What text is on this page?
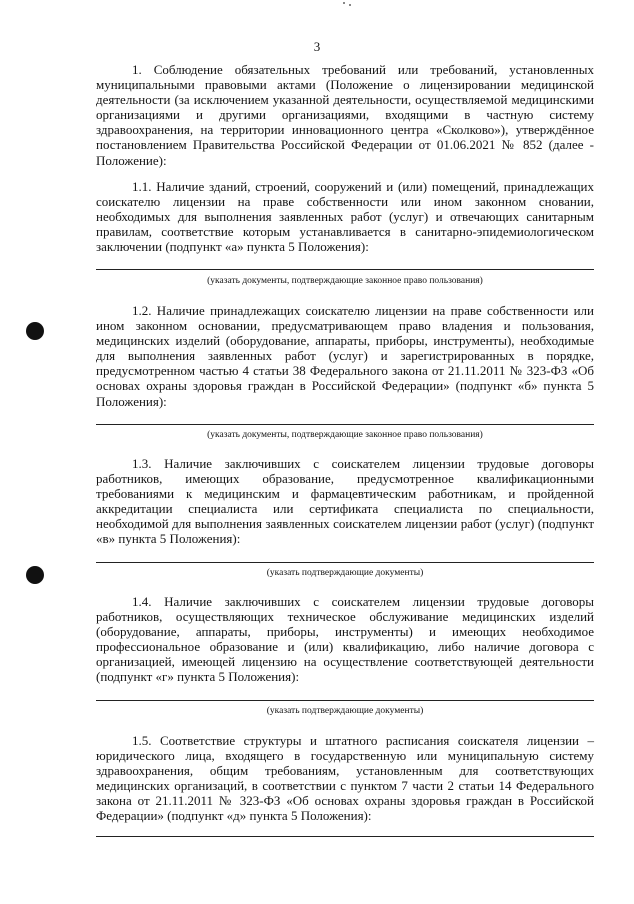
3

1. Соблюдение обязательных требований или требований, установленных муниципальными правовыми актами (Положение о лицензировании медицинской деятельности (за исключением указанной деятельности, осуществляемой медицинскими организациями и другими организациями, входящими в частную систему здравоохранения, на территории инновационного центра «Сколково»), утверждённое постановлением Правительства Российской Федерации от 01.06.2021 № 852 (далее - Положение):

1.1. Наличие зданий, строений, сооружений и (или) помещений, принадлежащих соискателю лицензии на праве собственности или ином законном сновании, необходимых для выполнения заявленных работ (услуг) и отвечающих санитарным правилам, соответствие которым устанавливается в санитарно-эпидемиологическом заключении (подпункт «а» пункта 5 Положения):

(указать документы, подтверждающие законное право пользования)

1.2. Наличие принадлежащих соискателю лицензии на праве собственности или ином законном основании, предусматривающем право владения и пользования, медицинских изделий (оборудование, аппараты, приборы, инструменты), необходимые для выполнения заявленных работ (услуг) и зарегистрированных в порядке, предусмотренном частью 4 статьи 38 Федерального закона от 21.11.2011 № 323-ФЗ «Об основах охраны здоровья граждан в Российской Федерации» (подпункт «б» пункта 5 Положения):

(указать документы, подтверждающие законное право пользования)

1.3. Наличие заключивших с соискателем лицензии трудовые договоры работников, имеющих образование, предусмотренное квалификационными требованиями к медицинским и фармацевтическим работникам, и пройденной аккредитации специалиста или сертификата специалиста по специальности, необходимой для выполнения заявленных соискателем лицензии работ (услуг) (подпункт «в» пункта 5 Положения):

(указать подтверждающие документы)

1.4. Наличие заключивших с соискателем лицензии трудовые договоры работников, осуществляющих техническое обслуживание медицинских изделий (оборудование, аппараты, приборы, инструменты) и имеющих необходимое профессиональное образование и (или) квалификацию, либо наличие договора с организацией, имеющей лицензию на осуществление соответствующей деятельности (подпункт «г» пункта 5 Положения):

(указать подтверждающие документы)

1.5. Соответствие структуры и штатного расписания соискателя лицензии – юридического лица, входящего в государственную или муниципальную систему здравоохранения, общим требованиям, установленным для соответствующих медицинских организаций, в соответствии с пунктом 7 части 2 статьи 14 Федерального закона от 21.11.2011 № 323-ФЗ «Об основах охраны здоровья граждан в Российской Федерации» (подпункт «д» пункта 5 Положения):
